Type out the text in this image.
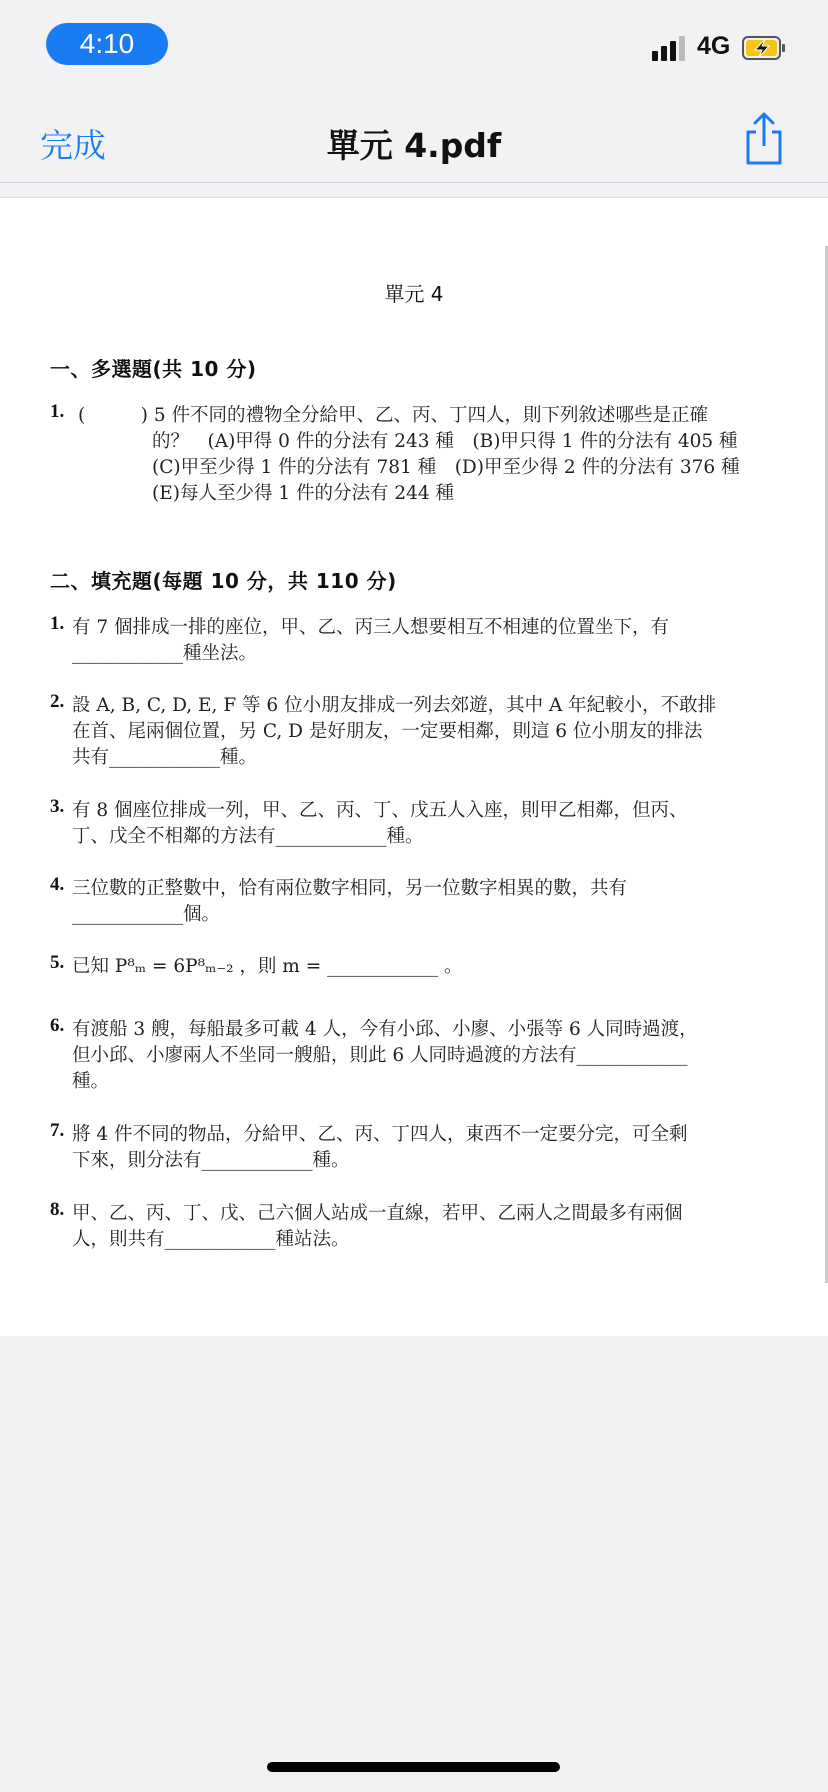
4:10	4G
完成	單元 4.pdf
單元 4
一、多選題(共 10 分)
1. (　　　) 5 件不同的禮物全分給甲、乙、丙、丁四人，則下列敘述哪些是正確
的？　(A)甲得 0 件的分法有 243 種　(B)甲只得 1 件的分法有 405 種
(C)甲至少得 1 件的分法有 781 種　(D)甲至少得 2 件的分法有 376 種
(E)每人至少得 1 件的分法有 244 種
二、填充題(每題 10 分，共 110 分)
1. 有 7 個排成一排的座位，甲、乙、丙三人想要相互不相連的位置坐下，有
____________種坐法。
2. 設 A, B, C, D, E, F 等 6 位小朋友排成一列去郊遊，其中 A 年紀較小，不敢排
在首、尾兩個位置，另 C, D 是好朋友，一定要相鄰，則這 6 位小朋友的排法
共有____________種。
3. 有 8 個座位排成一列，甲、乙、丙、丁、戊五人入座，則甲乙相鄰，但丙、
丁、戊全不相鄰的方法有____________種。
4. 三位數的正整數中，恰有兩位數字相同，另一位數字相異的數，共有
____________個。
5. 已知 P⁸ₘ = 6P⁸ₘ₋₂ ，則 m = ____________ 。
6. 有渡船 3 艘，每船最多可載 4 人，今有小邱、小廖、小張等 6 人同時過渡，
但小邱、小廖兩人不坐同一艘船，則此 6 人同時過渡的方法有____________
種。
7. 將 4 件不同的物品，分給甲、乙、丙、丁四人，東西不一定要分完，可全剩
下來，則分法有____________種。
8. 甲、乙、丙、丁、戊、己六個人站成一直線，若甲、乙兩人之間最多有兩個
人，則共有____________種站法。
